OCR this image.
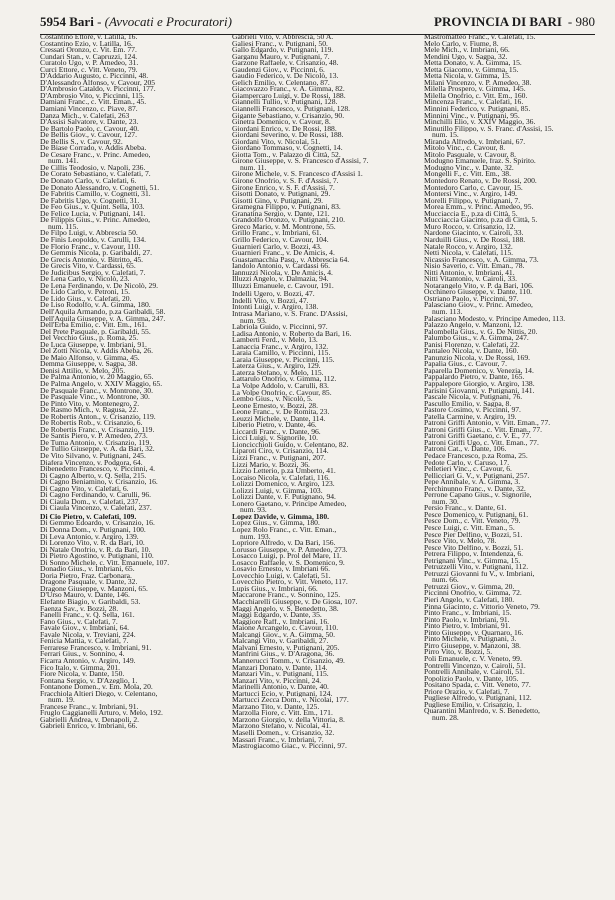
5954 Bari - (Avvocati e Procuratori)	PROVINCIA DI BARI - 980
Costantino Ettore, v. Latilla, 16.
Costantino Ezio, v. Latilla, 16.
Cressati Oronzo, c. Vit. Em. 77.
Cundari Stan., v. Capruzzi, 124.
Curatolo Ugo, v. P. Amedeo, 31.
Curci Ettore, c. Vitt. Veneto, 79.
D'Addario Augusto, c. Piccinni, 48.
D'Alessandro Alfonso, v. Cavour, 205
D'Ambrosio Cataldo, v. Piccinni, 177.
D'Ambrosio Vito, v. Piccinni, 115.
Damiani Franc., c. Vitt. Eman., 45.
Damiani Vincenzo, c. Piave, 87.
Danza Mich., v. Calefati, 263
D'Assisi Salvatore, v. Dante, 23.
De Bartolo Paolo, c. Cavour, 40.
De Bellis Giov., v. Cavour, 127.
De Bellis S., v. Cavour, 92.
De Biase Corrado, v. Addis Abeba.
De Cesare Franc., v. Princ. Amedeo,
num. 141.
De Cillis Teodosio, v. Napoli, 236.
De Corato Sebastiano, v. Calefati, 7.
De Donato Carlo, v. Calefati, 6.
De Donato Alessandro, v. Cognetti, 51.
De Fabritis Camillo, v. Cognetti, 31.
De Fabritis Ugo, v. Cognetti, 31.
De Feo Gius., v. Quint. Sella, 103.
De Felice Lucia, v. Putignani, 141.
De Filippis Gius., v. Princ. Amedeo,
num. 115.
De Filpo Luigi, v. Abbrescia 50.
De Finis Leopoldo, v. Carulli, 134.
De Florio Franc., v. Cavour, 110.
De Gemmis Nicola, p. Garibaldi, 27.
De Grecis Antonio, v. Bitritto, 45.
De Grecis Vito, v. Cardassi, 65.
De Judicibus Sergio, v. Calefati, 7.
De Lena Carlo, v. Nicolò, 23.
De Lena Ferdinando, v. De Nicolò, 29.
De Lido Carlo, v. Petroni, 15.
De Lido Gius., v. Calefati, 20.
De Liso Rodolfo, v. A. Gimma, 180.
Dell'Aquila Armando, p.za Garibaldi, 58.
Dell'Aquila Giuseppe, v. A. Gimma, 247.
Dell'Erba Emilio, c. Vitt. Em., 161.
Del Prete Pasquale, p. Garibaldi, 55.
Del Vecchio Gius., p. Roma, 25.
De Luca Giuseppe, v. Imbriani, 91.
Del Zotti Nicola, v. Addis Abeba, 26.
De Maio Alfonso, v. Gimma, 45.
Demma Giuseppe, v. Sagpa, 38.
Denisi Attilio, v. Melo, 205.
De Palma Antonio, v. 20 Maggio, 65.
De Palma Angelo, v. XXIV Maggio, 65.
De Pasquale Franc., v. Montrone, 30.
De Pasquale Vinc., v. Montrone, 30.
De Pinto Vito, v. Montenegro, 2.
De Rasmo Mich., v. Ragusa, 22.
De Robertis Anton., v. Crisanzio, 119.
De Robertis Rob., v. Crisanzio, 6.
De Robertis Franc., v. Crisanzio, 119.
De Santis Piero, v. P. Amedeo, 273.
De Tuma Antonio, v. Crisanzio, 119.
De Tullio Giuseppe, v. A. da Bari, 32.
De Vito Silvano, v. Putignani, 245.
Diafera Vincenzo, v. Podgora, 64.
Dibenedetto Francesco, v. Piccinni, 4.
Di Cagno Alberto, v. Q. Sella, 215.
Di Cagno Beniamino, v. Crisanzio, 16.
Di Cagno Vito, v. Calefati, 6.
Di Cagno Ferdinando, v. Carulli, 96.
Di Ciaula Dom., v. Calefati, 237.
Di Ciaula Vincenzo, v. Calefati, 237.
Di Cio Pietro, v. Calefati, 109.
Di Gemmo Edoardo, v. Crisanzio, 16.
Di Donna Dom., v. Putignani, 100.
Di Leva Antonio, v. Argiro, 139.
Di Lorenzo Vito, v. R. da Bari, 10.
Di Natale Onofrio, v. R. da Bari, 10.
Di Pietro Agostino, v. Putignani, 110.
Di Sonno Michele, c. Vitt. Emanuele, 107.
Donadio Gius., v. Imbriani, 65.
Doria Pietro, Fraz. Carbonara.
Dragone Pasquale, v. Dante, 32.
Dragone Giuseppe, v. Manzoni, 65.
D'Urso Mauro, v. Dante, 146.
Elefante Biagio, v. Garibaldi, 53.
Faenza Sav., v. Bozzi, 28.
Fanelli Franc., v. Q. Sella, 161.
Fano Gius., v. Calefati, 7.
Favale Giov., v. Imbriani, 64.
Favale Nicola, v. Treviani, 224.
Fenicia Mattia, v. Calefati, 7.
Ferrarese Francesco, v. Imbriani, 91.
Ferrari Gius., v. Sonnino, 4.
Ficarra Antonio, v. Argiro, 149.
Fico Italo, v. Gimma, 201.
Fiore Nicola, v. Dante, 150.
Fontana Sergio, v. D'Azeglio, 1.
Fontanone Domen., v. Em. Mola, 20.
Fracchiola Altieri Diego, v. Celentano,
num. 19.
Francese Franc., v. Imbriani, 91.
Fruglo Caggianelli Arturo, v. Melo, 192.
Gabrielli Andrea, v. Denapoli, 2.
Gabrieli Enrico, v. Imbriani, 66.
Gabrieli Vito, v. Abbrescia, 50 A.
Galiesi Franc., v. Putignani, 50.
Gallo Edgardo, v. Putignani, 119.
Garganu Mauro, v. Putignani, 7.
Garzone Raffaele, v. Crisanzio, 48.
Gaudenzi Giov., v. Piccinni, 6.
Gaudio Federico, v. De Nicolò, 13.
Gelich Emilio, v. Celentano, 87.
Giacovazzo Franc., v. A. Gimma, 82.
Giampercaro Luigi, v. De Rossi, 188.
Giannelli Tullio, v. Putignani, 128.
Giannelli Francesco, v. Putignani, 128.
Gigante Sebastiano, v. Crisanzio, 90.
Ginetra Domenico, v. Cavour, 8.
Giordani Enrico, v. De Rossi, 188.
Giordani Severino, v. De Rossi, 188.
Giordani Vito, v. Nicolai, 51.
Giordano Tommaso, v. Cognetti, 14.
Giotta Tom., v. Palazzo di Città, 52.
Girone Giuseppe, v. S. Francesco d'Assisi, 7.
num. 11.
Girone Michele, v. S. Francesco d'Assisi 1.
Girone Onofrio, v. S. F. d'Assisi, 7.
Girone Enrico, v. S. F. d'Assisi, 7.
Gisotti Donato, v. Putignani, 29.
Gisotti Gino, v. Putignani, 29.
Gramegna Filippo, v. Putignani, 83.
Granatina Sergio, v. Dante, 121.
Grandolfo Oronzo, v. Putignani, 210.
Greco Mario, v. M. Montrone, 55.
Grillo Franc., v. Imbriani, 61.
Grillo Federico, v. Cavour, 104.
Guarnieri Carlo, v. Bozzi, 43.
Guarnieri Franc., v. De Amicis, 4.
Guastamacchia Pasq., v. Abbrescia 64.
Iandolo Antonio, v. Cardassi 66.
Iannuzzi Nicola, v. De Amicis, 4.
Illuzzi Angelo, v. Dalmazia, 94.
Illuzzi Emanuele, c. Cavour, 191.
Indelli Ugero, v. Bozzi, 47.
Indelli Vito, v. Bozzi, 47.
Intonti Luigi, v. Argiro, 138.
Intrasa Mariano, v. S. Franc. D'Assisi,
num. 93.
Labriola Guido, v. Piccinni, 97.
Ladisa Antonio, v. Roberto da Bari, 16.
Lamberti Ferd., v. Melo, 13.
Lanaccia Franc., v. Argiro, 132.
Laraia Camillo, v. Piccinni, 115.
Laraia Giuseppe, v. Piccinni, 115.
Laterza Gius., v. Argiro, 129.
Laterza Stefano, v. Melo, 115.
Lattarulo Onofrio, v. Gimma, 112.
La Volpe Addolo, v. Carulli, 83.
La Volpe Onofrio, c. Cavour, 85.
Lembo Gius., v. Nicolò, 5.
Leone Ernesto, v. Bozzi, 28.
Leone Franc., v. De Romita, 23.
Leuzzi Michele, v. Dante, 114.
Liberio Pietro, v. Dante, 46.
Liccardi Franc., v. Dante, 96.
Licci Luigi, v. Signorile, 10.
Lioncicchioli Guido, v. Celentano, 82.
Liparoti Ciro, v. Crisanzio, 114.
Lizzi Franc., v. Putignani, 207.
Lizzi Mario, v. Bozzi, 36.
Lizzio Letterio, p.za Umberto, 41.
Locaiso Nicola, v. Calefati, 116.
Lolizzi Domenico, v. Argiro, 123.
Lolizzi Luigi, v. Gimma, 103.
Lolizzi Dante, v. F. Putignano, 94.
Lonero Gaetano, v. Principe Amedeo,
num. 93.
Lopez Davide, v. Gimma, 180.
Lopez Gius., v. Gimma, 180.
Lopez Rolo Franc., c. Vitt. Eman.,
num. 193.
Lopriore Alfredo, v. Da Bari, 156.
Lorusso Giuseppe, v. P. Amedeo, 273.
Losacco Luigi, p. Prol del Mare, 11.
Losacco Raffaele, v. S. Domenico, 9.
Losavio Ernesto, v. Imbriani 66.
Lovecchio Luigi, v. Calefati, 51.
Lovecchio Pietro, v. Vitt. Veneto, 117.
Lupis Gius., v. Imbriani, 66.
Maccarone Franc., v. Sonnino, 125.
Macchiarelli Giuseppe, v. De Giosa, 107.
Maggi Angelo, v. S. Benedetto, 38.
Maggi Edgardo, v. Dante, 35.
Maggiore Raff., v. Imbriani, 16.
Maione Arcangelo, c. Cavour, 110.
Malcangi Giov., v. A. Gimma, 50.
Malcangi Vito, v. Garibaldi, 27.
Malvani Ernesto, v. Putignani, 205.
Manfrini Gius., v. D'Aragona, 36.
Mannerucci Tomm., v. Crisanzio, 49.
Manzari Donato, v. Dante, 114.
Manzari Vin., v. Putignani, 115.
Manzari Vito, v. Piccinni, 24.
Marinelli Antonio, v. Dante, 40.
Martucci Ecio, v. Putignani, 124.
Martucci Zecca Dom., v. Nicolai, 177.
Marzano Tito, v. Dante, 125.
Marzolla Fiore, c. Vitt. Em., 171.
Marzono Giorgio, v. della Vittoria, 8.
Marzono Stefano, v. Nicolai, 41.
Maselli Domen., v. Crisanzio, 32.
Massari Franc., v. Imbriani, 7.
Mastrogiacomo Giac., v. Piccinni, 97.
Mastromatteo Franc., v. Calefati, 15.
Melo Carlo, v. Fiume, 8.
Mele Mich., v. Imbriani, 66.
Mendini Ugo, v. Sagpa, 32.
Metta Donato, v. A. Gimma, 15.
Metta Giacomo, v. Gimma, 15.
Metta Nicola, v. Gimma, 15.
Milani Vincenzo, v. P. Amedeo, 38.
Milella Prospero, v. Gimma, 145.
Milella Onofrio, c. Vitt. Em., 160.
Mincenza Franc., v. Calefati, 16.
Minnini Federico, v. Putignani, 85.
Minnini Vinc., v. Putignani, 95.
Minchilli Elio, v. XXIV Maggio, 36.
Minutillo Filippo, v. S. Franc. d'Assisi, 15.
num. 15.
Miranda Alfredo, v. Imbriani, 67.
Mitolo Vinc., c. Cavour, 8.
Mitolo Pasquale, v. Cavour, 8.
Modugno Emanuele, fraz. S. Spirito.
Modugno Vinc., v. Dante, 32.
Mongelli F., c. Vitt. Em., 38.
Montedoro Renato, v. De Rossi, 200.
Montedoro Carlo, c. Cavour, 15.
Montersi Vinc., v. Argiro, 149.
Morelli Filippo, v. Putignani, 7.
Morea Emm., v. Princ. Amedeo, 95.
Mucciaccia E., p.za di Città, 5.
Mucciaccia Giacinto, p.za di Città, 5.
Muro Rocco, v. Crisanzio, 12.
Nardone Giacinto, v. Cairoli, 33.
Narduilli Gius., v. De Rossi, 188.
Natale Rocco, v. Argiro, 132.
Netti Nicola, v. Calefati, 115.
Nicassio Francesco, v. A. Gimma, 73.
Nisio Saverio, c. Vitt. Eman., 78.
Nitti Antonio, v. Imbriani, 41.
Nitti Vitantonio, v. Cairoli, 33.
Notarangelo Vito, v. P. da Bari, 106.
Occhinero Giuseppe, v. Dante, 110.
Ostriano Paolo, v. Piccinni, 97.
Palasciano Giov., v. Princ. Amedeo,
num. 113.
Palasciano Modesto, v. Principe Amedeo, 113.
Palazzo Angelo, v. Manzoni, 12.
Palombella Gius., v. G. De Nittis, 20.
Palumbo Gius., v. A. Gimma, 247.
Panisi Florenzo, v. Calefati, 22.
Pantaleo Nicola, v. Dante, 160.
Panunzio Nicola, v. De Rossi, 169.
Papalia Gius., c. Cavour, 7.
Paparella Domenico, v. Venezia, 14.
Pappalardo Pietro, v. Dante, 165.
Pappalepore Giorgio, v. Argiro, 138.
Parisini Giovanni, v. Putignani, 141.
Pascale Nicola, v. Putignani, 76.
Pascullo Emilio, v. Sagpa, 8.
Pastore Cosimo, v. Piccinni, 97.
Patella Carmine, v. Argiro, 19.
Patroni Griffi Antonio, v. Vitt. Eman., 77.
Patroni Griffi Gius., c. Vitt. Eman., 77.
Patroni Griffi Gaetano, c. V. E., 77.
Patroni Griffi Ugo, c. Vitt. Eman., 77.
Patroni Cat., v. Dante, 106.
Pedace Francesco, p.za Roma, 25.
Pedote Carlo, v. Caruso, 17.
Pelletieri Vinc., c. Cavour, 6.
Pellicciari G. V., v. Putignani, 257.
Pepe Annibale, v. A. Gimma, 3.
Perchinunno Franc., v. Dante, 32.
Perrone Capano Gius., v. Signorile,
num. 30.
Persio Franc., v. Dante, 61.
Pesce Domenico, v. Putignani, 61.
Pesce Dom., c. Vitt. Veneto, 79.
Pesce Luigi, c. Vitt. Eman., 5.
Pesce Pier Delfino, v. Bozzi, 51.
Pesce Vito, v. Melo, 78.
Pesce Vito Delfino, v. Bozzi, 51.
Petrera Filippo, v. Intendenza, 6.
Petrignani Vinc., v. Gimma, 15.
Petruzzelli Vito, v. Putignani, 112.
Petruzzi Giovanni fu V., v. Imbriani,
num. 66.
Petruzzi Giov., v. Gimma, 20.
Piccinni Onofrio, v. Gimma, 72.
Pieri Angelo, v. Calefati, 180.
Pinna Giacinto, c. Vittorio Veneto, 79.
Pinto Franc., v. Imbriani, 15.
Pinto Paolo, v. Imbriani, 91.
Pinto Pietro, v. Imbriani, 91.
Pinto Giuseppe, v. Quarnaro, 16.
Pinto Michele, v. Putignani, 3.
Pirro Giuseppe, v. Manzoni, 38.
Pirro Vito, v. Bozzi, 5.
Poli Emanuele, c. V. Veneto, 99.
Pontrelli Vincenzo, v. Cairoli, 51.
Pontrelli Annibale, v. Cairoli, 51.
Popolizio Paolo, v. Dante, 105.
Positano Spada, c. Vitt. Veneto, 77.
Priore Orazio, v. Calefati, 7.
Pugliese Alfredo, v. Putignani, 112.
Pugliese Emilio, v. Crisanzio, 1.
Quarantini Manfredo, v. S. Benedetto,
num. 28.
